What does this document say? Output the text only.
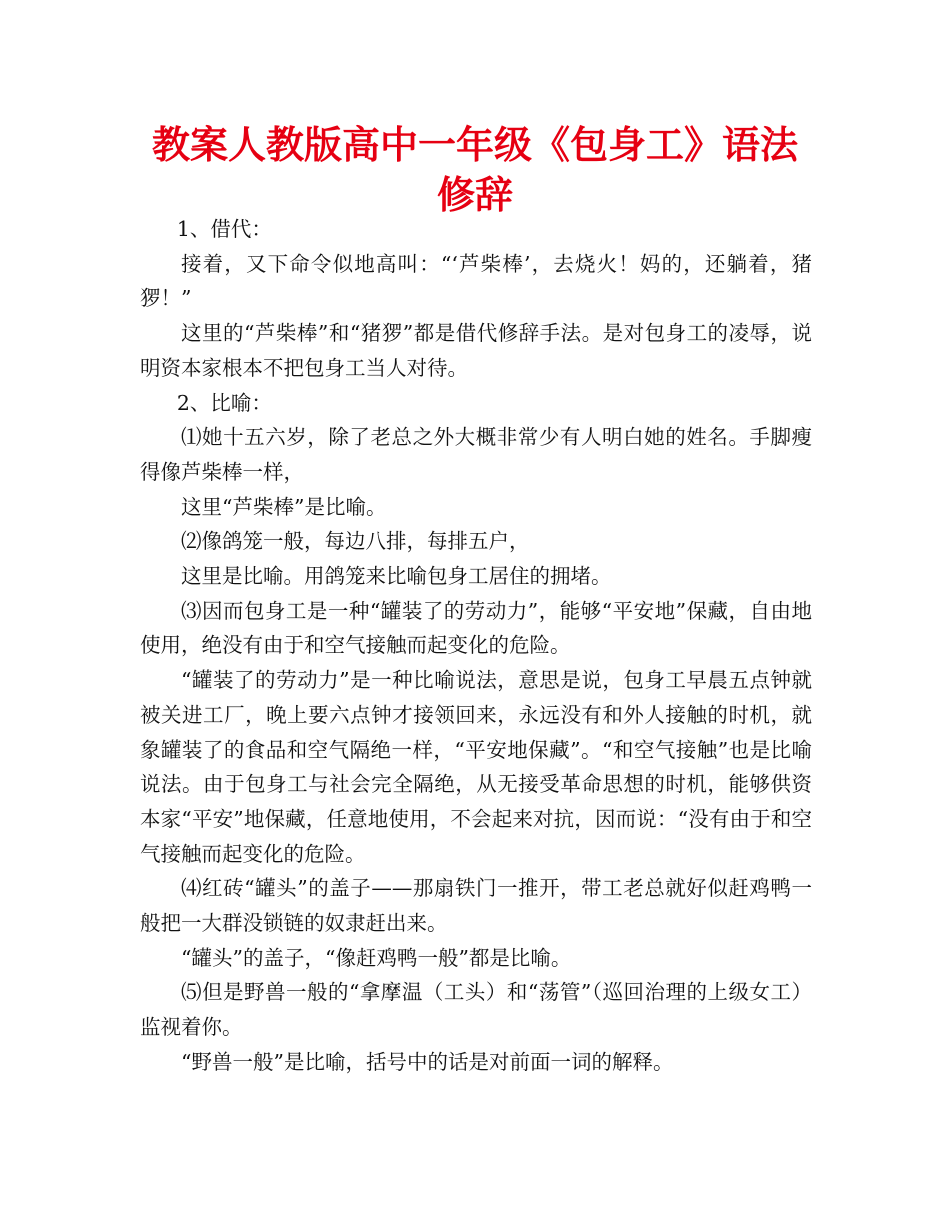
教案人教版高中一年级《包身工》语法修辞

1、借代：

接着，又下命令似地高叫：“‘芦柴棒’，去烧火！妈的，还躺着，猪猡！”

这里的“芦柴棒”和“猪猡”都是借代修辞手法。是对包身工的凌辱，说明资本家根本不把包身工当人对待。

2、比喻：

⑴她十五六岁，除了老总之外大概非常少有人明白她的姓名。手脚瘦得像芦柴棒一样，

这里“芦柴棒”是比喻。

⑵像鸽笼一般，每边八排，每排五户，

这里是比喻。用鸽笼来比喻包身工居住的拥堵。

⑶因而包身工是一种“罐装了的劳动力”，能够“平安地”保藏，自由地使用，绝没有由于和空气接触而起变化的危险。

“罐装了的劳动力”是一种比喻说法，意思是说，包身工早晨五点钟就被关进工厂，晚上要六点钟才接领回来，永远没有和外人接触的时机，就象罐装了的食品和空气隔绝一样，“平安地保藏”。“和空气接触”也是比喻说法。由于包身工与社会完全隔绝，从无接受革命思想的时机，能够供资本家“平安”地保藏，任意地使用，不会起来对抗，因而说：“没有由于和空气接触而起变化的危险。

⑷红砖“罐头”的盖子——那扇铁门一推开，带工老总就好似赶鸡鸭一般把一大群没锁链的奴隶赶出来。

“罐头”的盖子，“像赶鸡鸭一般”都是比喻。

⑸但是野兽一般的“拿摩温（工头）和“荡管”（巡回治理的上级女工）监视着你。

“野兽一般”是比喻，括号中的话是对前面一词的解释。
